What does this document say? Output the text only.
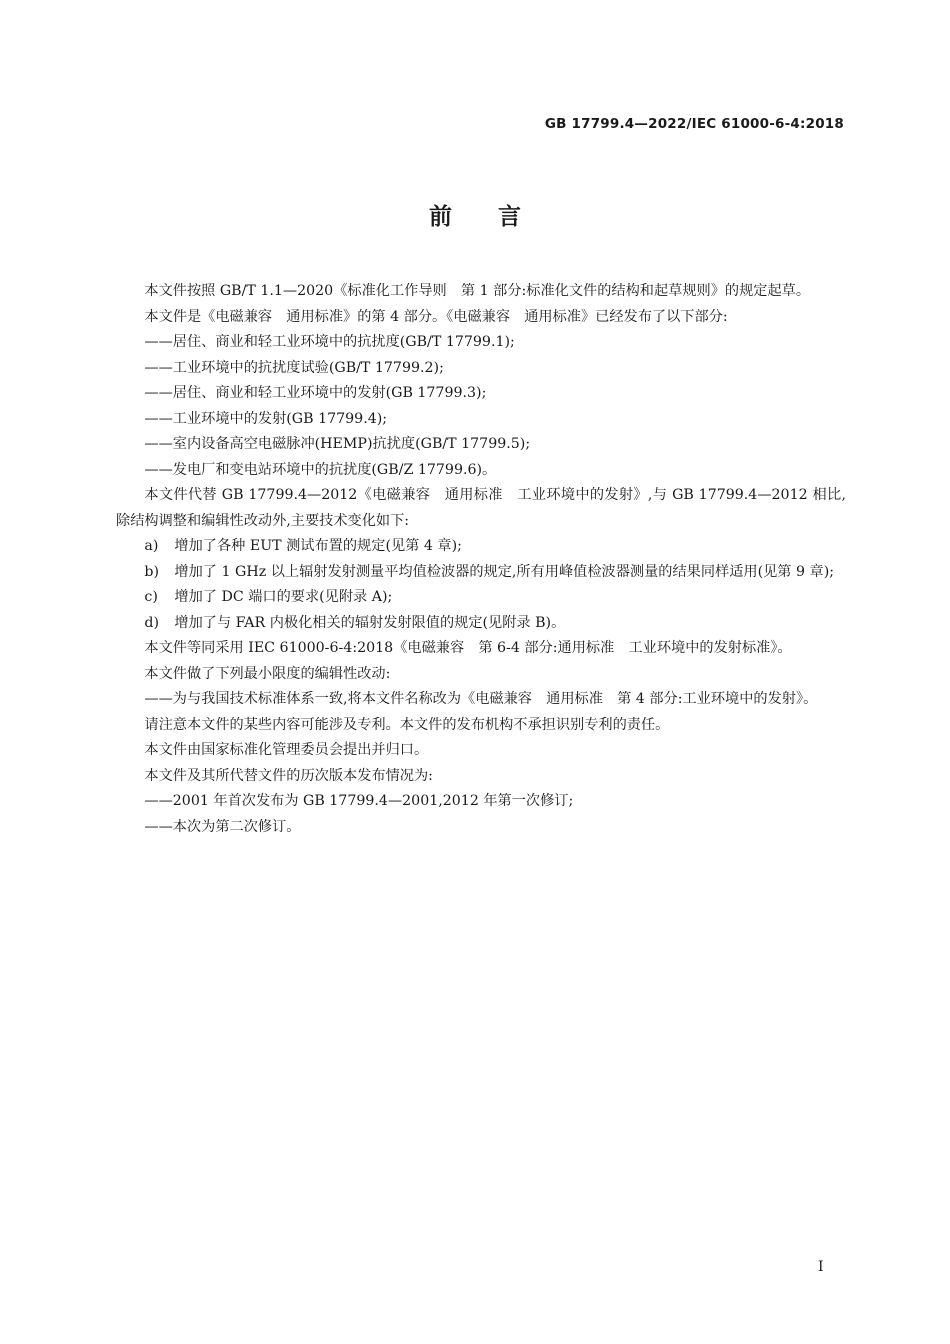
GB 17799.4—2022/IEC 61000-6-4:2018
前言

本文件按照 GB/T 1.1—2020《标准化工作导则　第 1 部分:标准化文件的结构和起草规则》的规定起草。

本文件是《电磁兼容　通用标准》的第 4 部分。《电磁兼容　通用标准》已经发布了以下部分:

——居住、商业和轻工业环境中的抗扰度(GB/T 17799.1);

——工业环境中的抗扰度试验(GB/T 17799.2);

——居住、商业和轻工业环境中的发射(GB 17799.3);

——工业环境中的发射(GB 17799.4);

——室内设备高空电磁脉冲(HEMP)抗扰度(GB/T 17799.5);

——发电厂和变电站环境中的抗扰度(GB/Z 17799.6)。

本文件代替 GB 17799.4—2012《电磁兼容　通用标准　工业环境中的发射》,与 GB 17799.4—2012 相比,除结构调整和编辑性改动外,主要技术变化如下:

a) 增加了各种 EUT 测试布置的规定(见第 4 章);

b) 增加了 1 GHz 以上辐射发射测量平均值检波器的规定,所有用峰值检波器测量的结果同样适用(见第 9 章);

c) 增加了 DC 端口的要求(见附录 A);

d) 增加了与 FAR 内极化相关的辐射发射限值的规定(见附录 B)。

本文件等同采用 IEC 61000-6-4:2018《电磁兼容　第 6-4 部分:通用标准　工业环境中的发射标准》。

本文件做了下列最小限度的编辑性改动:

——为与我国技术标准体系一致,将本文件名称改为《电磁兼容　通用标准　第 4 部分:工业环境中的发射》。

请注意本文件的某些内容可能涉及专利。本文件的发布机构不承担识别专利的责任。

本文件由国家标准化管理委员会提出并归口。

本文件及其所代替文件的历次版本发布情况为:

——2001 年首次发布为 GB 17799.4—2001,2012 年第一次修订;

——本次为第二次修订。

I
